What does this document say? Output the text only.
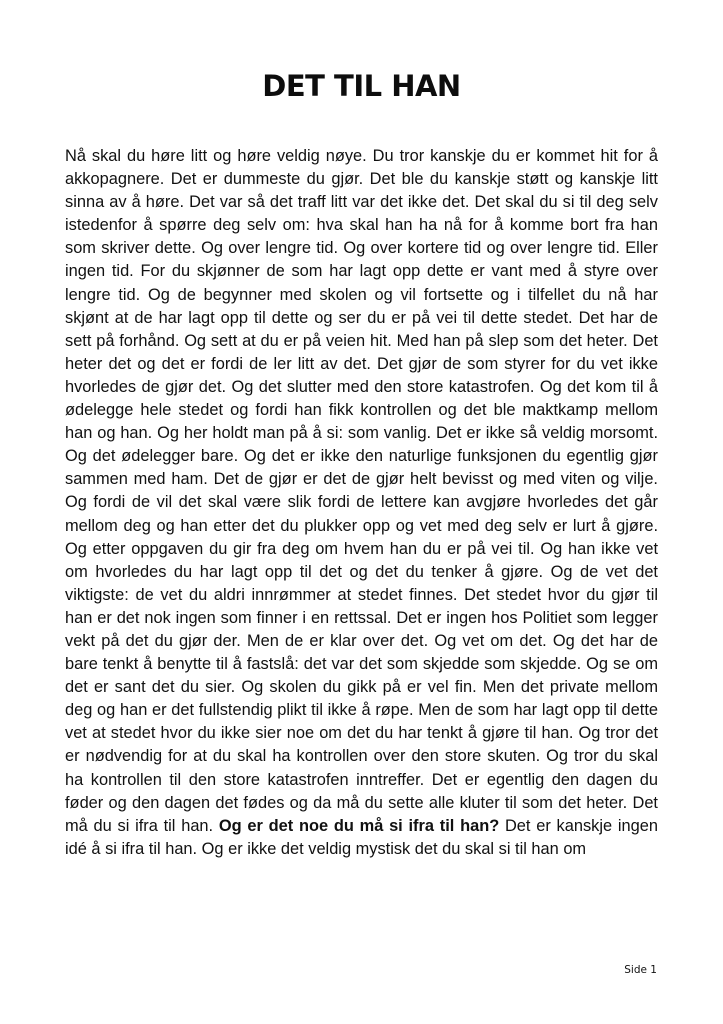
DET TIL HAN

Nå skal du høre litt og høre veldig nøye. Du tror kanskje du er kommet hit for å akkopagnere. Det er dummeste du gjør. Det ble du kanskje støtt og kanskje litt sinna av å høre. Det var så det traff litt var det ikke det. Det skal du si til deg selv istedenfor å spørre deg selv om: hva skal han ha nå for å komme bort fra han som skriver dette. Og over lengre tid. Og over kortere tid og over lengre tid. Eller ingen tid. For du skjønner de som har lagt opp dette er vant med å styre over lengre tid. Og de begynner med skolen og vil fortsette og i tilfellet du nå har skjønt at de har lagt opp til dette og ser du er på vei til dette stedet. Det har de sett på forhånd. Og sett at du er på veien hit. Med han på slep som det heter. Det heter det og det er fordi de ler litt av det. Det gjør de som styrer for du vet ikke hvorledes de gjør det. Og det slutter med den store katastrofen. Og det kom til å ødelegge hele stedet og fordi han fikk kontrollen og det ble maktkamp mellom han og han. Og her holdt man på å si: som vanlig. Det er ikke så veldig morsomt. Og det ødelegger bare. Og det er ikke den naturlige funksjonen du egentlig gjør sammen med ham. Det de gjør er det de gjør helt bevisst og med viten og vilje. Og fordi de vil det skal være slik fordi de lettere kan avgjøre hvorledes det går mellom deg og han etter det du plukker opp og vet med deg selv er lurt å gjøre. Og etter oppgaven du gir fra deg om hvem han du er på vei til. Og han ikke vet om hvorledes du har lagt opp til det og det du tenker å gjøre. Og de vet det viktigste: de vet du aldri innrømmer at stedet finnes. Det stedet hvor du gjør til han er det nok ingen som finner i en rettssal. Det er ingen hos Politiet som legger vekt på det du gjør der. Men de er klar over det. Og vet om det. Og det har de bare tenkt å benytte til å fastslå: det var det som skjedde som skjedde. Og se om det er sant det du sier. Og skolen du gikk på er vel fin. Men det private mellom deg og han er det fullstendig plikt til ikke å røpe. Men de som har lagt opp til dette vet at stedet hvor du ikke sier noe om det du har tenkt å gjøre til han. Og tror det er nødvendig for at du skal ha kontrollen over den store skuten. Og tror du skal ha kontrollen til den store katastrofen inntreffer. Det er egentlig den dagen du føder og den dagen det fødes og da må du sette alle kluter til som det heter. Det må du si ifra til han. Og er det noe du må si ifra til han? Det er kanskje ingen idé å si ifra til han. Og er ikke det veldig mystisk det du skal si til han om

Side 1
